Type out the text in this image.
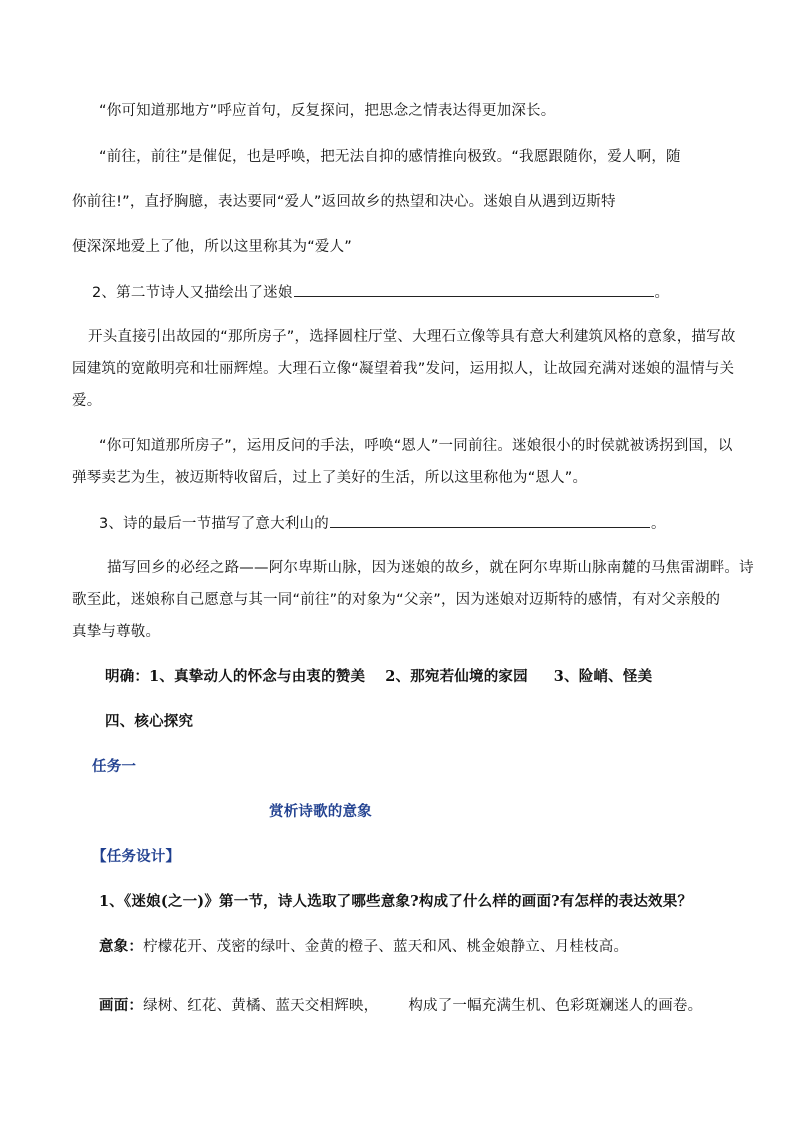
“你可知道那地方”呼应首句，反复探问，把思念之情表达得更加深长。
“前往，前往”是催促，也是呼唤，把无法自抑的感情推向极致。“我愿跟随你，爱人啊，随
你前往!”，直抒胸臆，表达要同“爱人”返回故乡的热望和决心。迷娘自从遇到迈斯特
便深深地爱上了他，所以这里称其为“爱人”
2、第二节诗人又描绘出了迷娘	。
开头直接引出故园的“那所房子”，选择圆柱厅堂、大理石立像等具有意大利建筑风格的意象，描写故
园建筑的宽敞明亮和壮丽辉煌。大理石立像“凝望着我”发问，运用拟人，让故园充满对迷娘的温情与关
爱。
“你可知道那所房子”，运用反问的手法，呼唤“恩人”一同前往。迷娘很小的时侯就被诱拐到国，以
弹琴卖艺为生，被迈斯特收留后，过上了美好的生活，所以这里称他为“恩人”。
3、诗的最后一节描写了意大利山的	。
描写回乡的必经之路——阿尔卑斯山脉，因为迷娘的故乡，就在阿尔卑斯山脉南麓的马焦雷湖畔。诗
歌至此，迷娘称自己愿意与其一同“前往”的对象为“父亲”，因为迷娘对迈斯特的感情，有对父亲般的
真挚与尊敬。
明确：1、真挚动人的怀念与由衷的赞美 2、那宛若仙境的家园 3、险峭、怪美
四、核心探究
任务一
赏析诗歌的意象
【任务设计】
1、《迷娘(之一)》第一节，诗人选取了哪些意象?构成了什么样的画面?有怎样的表达效果？
意象：柠檬花开、茂密的绿叶、金黄的橙子、蓝天和风、桃金娘静立、月桂枝高。
画面：绿树、红花、黄橘、蓝天交相辉映， 构成了一幅充满生机、色彩斑斓迷人的画卷。
